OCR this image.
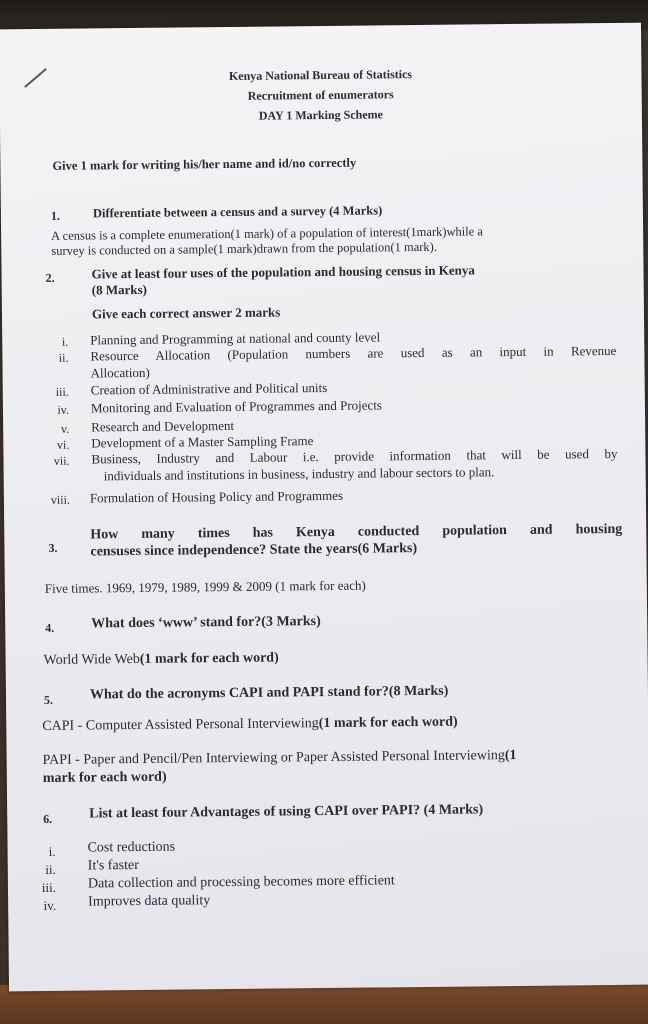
Kenya National Bureau of Statistics
Recruitment of enumerators
DAY 1 Marking Scheme
Give 1 mark for writing his/her name and id/no correctly
1.	Differentiate between a census and a survey (4 Marks)
A census is a complete enumeration(1 mark) of a population of interest(1mark)while a
survey is conducted on a sample(1 mark)drawn from the population(1 mark).
2.	Give at least four uses of the population and housing census in Kenya
(8 Marks)
Give each correct answer 2 marks
i. Planning and Programming at national and county level
ii. Resource Allocation (Population numbers are used as an input in Revenue
Allocation)
iii. Creation of Administrative and Political units
iv. Monitoring and Evaluation of Programmes and Projects
v. Research and Development
vi. Development of a Master Sampling Frame
vii. Business, Industry and Labour i.e. provide information that will be used by
individuals and institutions in business, industry and labour sectors to plan.
viii. Formulation of Housing Policy and Programmes
3.
How many times has Kenya conducted population and housing
censuses since independence? State the years(6 Marks)
Five times. 1969, 1979, 1989, 1999 & 2009 (1 mark for each)
4.	What does ‘www’ stand for?(3 Marks)
World Wide Web(1 mark for each word)
5.	What do the acronyms CAPI and PAPI stand for?(8 Marks)
CAPI - Computer Assisted Personal Interviewing(1 mark for each word)
PAPI - Paper and Pencil/Pen Interviewing or Paper Assisted Personal Interviewing(1
mark for each word)
6.	List at least four Advantages of using CAPI over PAPI? (4 Marks)
i. Cost reductions
ii. It's faster
iii. Data collection and processing becomes more efficient
iv. Improves data quality
